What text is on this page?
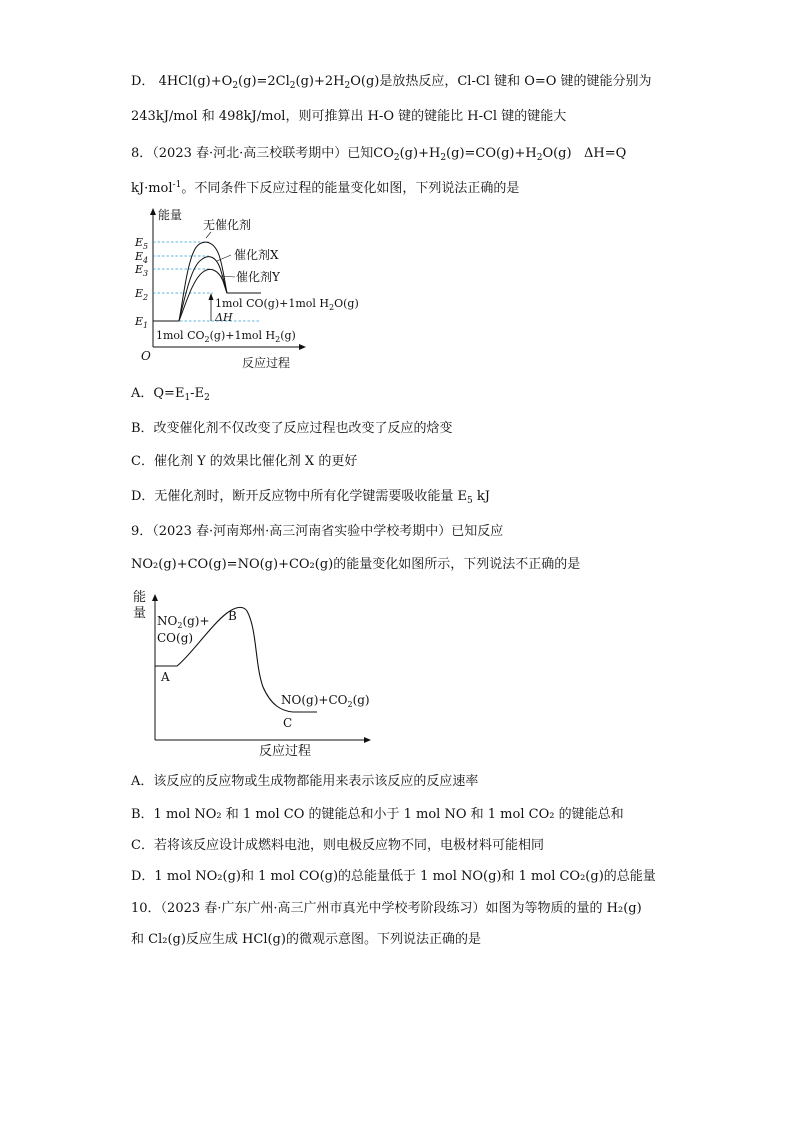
D． $4HCl(g)+O_2(g)=2Cl_2(g)+2H_2O(g)$是放热反应，Cl-Cl 键和 O=O 键的键能分别为
243kJ/mol 和 498kJ/mol，则可推算出 H-O 键的键能比 H-Cl 键的键能大
8．（2023 春·河北·高三校联考期中）已知$CO_2(g)+H_2(g)=CO(g)+H_2O(g)$ ΔH=Q
kJ·mol$^{-1}$。不同条件下反应过程的能量变化如图，下列说法正确的是
能量
反应过程
O
$E_5$
$E_4$
$E_3$
$E_2$
$E_1$
无催化剂
催化剂X
催化剂Y
1mol CO(g)+1mol $H_2O(g)$
ΔH
1mol $CO_2(g)+1mol$ $H_2(g)$
A．$Q=E_1-E_2$
B．改变催化剂不仅改变了反应过程也改变了反应的焓变
C．催化剂 Y 的效果比催化剂 X 的更好
D．无催化剂时，断开反应物中所有化学键需要吸收能量 $E_5$ kJ
9．（2023 春·河南郑州·高三河南省实验中学校考期中）已知反应
NO₂(g)+CO(g)=NO(g)+CO₂(g)的能量变化如图所示，下列说法不正确的是
能
量
反应过程
$NO_2(g)+$
CO(g)
A
B
$NO(g)+CO_2(g)$
C
A．该反应的反应物或生成物都能用来表示该反应的反应速率
B．1 mol NO₂ 和 1 mol CO 的键能总和小于 1 mol NO 和 1 mol CO₂ 的键能总和
C．若将该反应设计成燃料电池，则电极反应物不同，电极材料可能相同
D．1 mol NO₂(g)和 1 mol CO(g)的总能量低于 1 mol NO(g)和 1 mol CO₂(g)的总能量
10．（2023 春·广东广州·高三广州市真光中学校考阶段练习）如图为等物质的量的 H₂(g)
和 Cl₂(g)反应生成 HCl(g)的微观示意图。下列说法正确的是
